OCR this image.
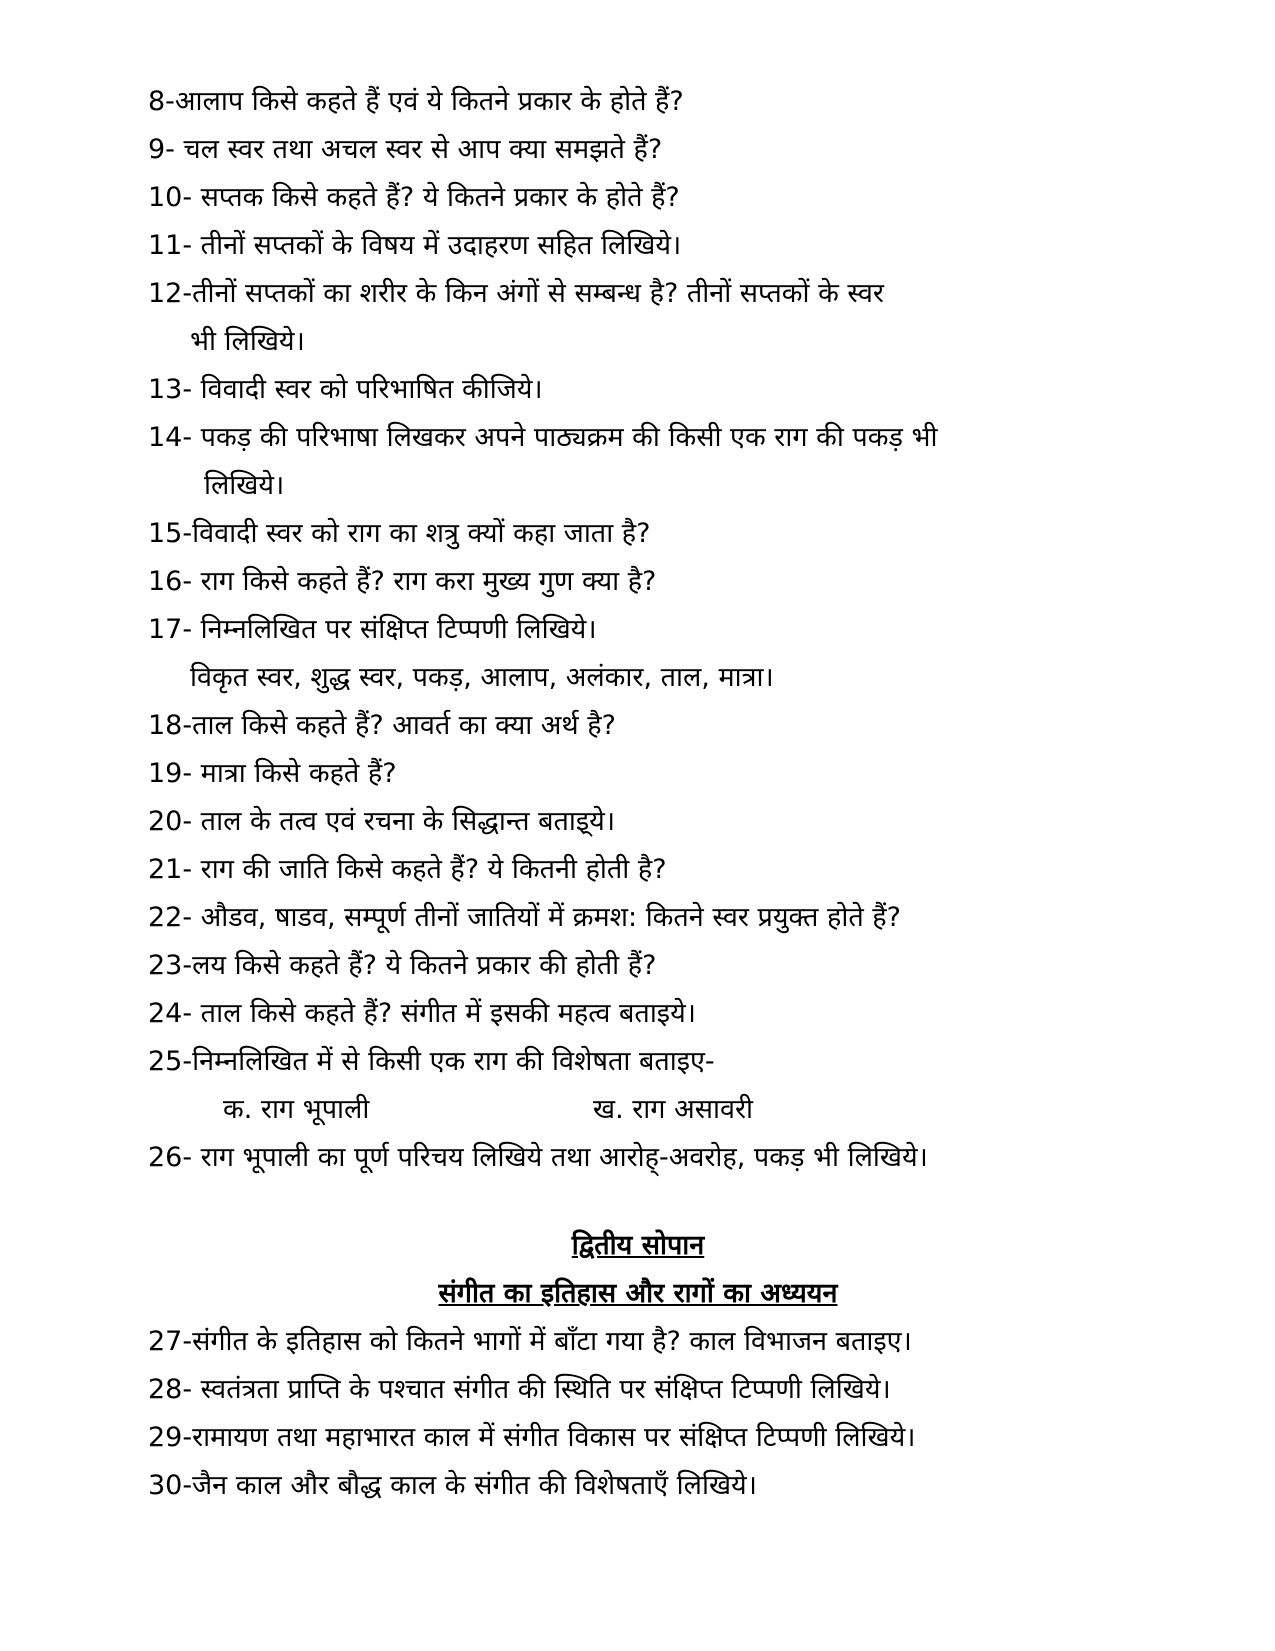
8-आलाप किसे कहते हैं एवं ये कितने प्रकार के होते हैं?
9- चल स्वर तथा अचल स्वर से आप क्या समझते हैं?
10- सप्तक किसे कहते हैं? ये कितने प्रकार के होते हैं?
11- तीनों सप्तकों के विषय में उदाहरण सहित लिखिये।
12-तीनों सप्तकों का शरीर के किन अंगों से सम्बन्ध है? तीनों सप्तकों के स्वर
भी लिखिये।
13- विवादी स्वर को परिभाषित कीजिये।
14- पकड़ की परिभाषा लिखकर अपने पाठ्यक्रम की किसी एक राग की पकड़ भी
लिखिये।
15-विवादी स्वर को राग का शत्रु क्यों कहा जाता है?
16- राग किसे कहते हैं? राग करा मुख्य गुण क्या है?
17- निम्नलिखित पर संक्षिप्त टिप्पणी लिखिये।
विकृत स्वर, शुद्ध स्वर, पकड़, आलाप, अलंकार, ताल, मात्रा।
18-ताल किसे कहते हैं? आवर्त का क्या अर्थ है?
19- मात्रा किसे कहते हैं?
20- ताल के तत्व एवं रचना के सिद्धान्त बताइ्ये।
21- राग की जाति किसे कहते हैं? ये कितनी होती है?
22- औडव, षाडव, सम्पूर्ण तीनों जातियों में क्रमश: कितने स्वर प्रयुक्त होते हैं?
23-लय किसे कहते हैं? ये कितने प्रकार की होती हैं?
24- ताल किसे कहते हैं? संगीत में इसकी महत्व बताइये।
25-निम्नलिखित में से किसी एक राग की विशेषता बताइए-
क. राग भूपाली	ख. राग असावरी
26- राग भूपाली का पूर्ण परिचय लिखिये तथा आरोह्-अवरोह, पकड़ भी लिखिये।
द्वितीय सोपान
संगीत का इतिहास और रागों का अध्ययन
27-संगीत के इतिहास को कितने भागों में बाँटा गया है? काल विभाजन बताइए।
28- स्वतंत्रता प्राप्ति के पश्चात संगीत की स्थिति पर संक्षिप्त टिप्पणी लिखिये।
29-रामायण तथा महाभारत काल में संगीत विकास पर संक्षिप्त टिप्पणी लिखिये।
30-जैन काल और बौद्ध काल के संगीत की विशेषताएँ लिखिये।
